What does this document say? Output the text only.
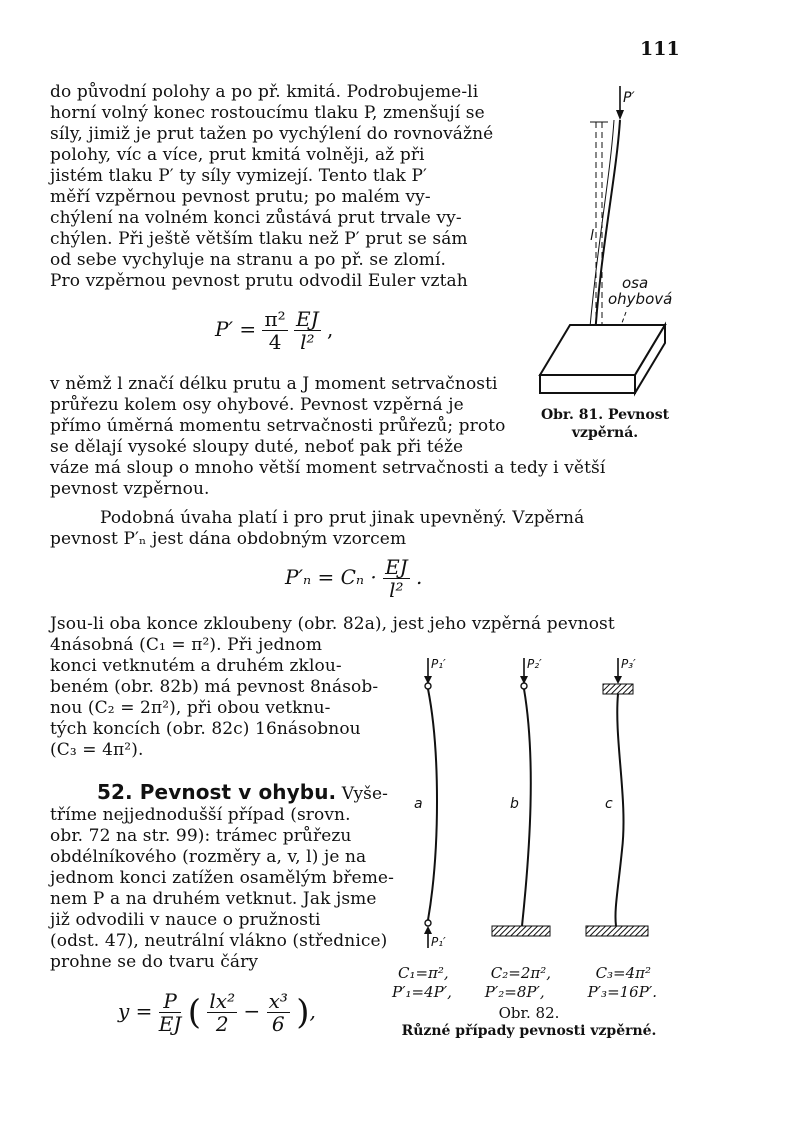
111
do původní polohy a po př. kmitá. Podrobujeme-li
horní volný konec rostoucímu tlaku P, zmenšují se
síly, jimiž je prut tažen po vychýlení do rovnovážné
polohy, víc a více, prut kmitá volněji, až při
jistém tlaku P′ ty síly vymizejí. Tento tlak P′
měří vzpěrnou pevnost prutu; po malém vy-
chýlení na volném konci zůstává prut trvale vy-
chýlen. Při ještě větším tlaku než P′ prut se sám
od sebe vychyluje na stranu a po př. se zlomí.
Pro vzpěrnou pevnost prutu odvodil Euler vztah
$P' = \frac{\text{π²}}{4}$
$\frac{EJ}{\text{l²}}$ ,
v němž l značí délku prutu a J moment setrvačnosti
průřezu kolem osy ohybové. Pevnost vzpěrná je
přímo úměrná momentu setrvačnosti průřezů; proto
se dělají vysoké sloupy duté, neboť pak při téže
váze má sloup o mnoho větší moment setrvačnosti a tedy i větší
pevnost vzpěrnou.
Podobná úvaha platí i pro prut jinak upevněný. Vzpěrná
pevnost P′ₙ jest dána obdobným vzorcem
$P'_n = C_n \cdot \frac{EJ}{\text{l²}}$ .
Jsou-li oba konce zkloubeny (obr. 82a), jest jeho vzpěrná pevnost
4násobná (C₁ = π²). Při jednom
konci vetknutém a druhém zklou-
beném (obr. 82b) má pevnost 8násob-
nou (C₂ = 2π²), při obou vetknu-
tých koncích (obr. 82c) 16násobnou
(C₃ = 4π²).
52. Pevnost v ohybu. Vyše-
tříme nejjednodušší případ (srovn.
obr. 72 na str. 99): trámec průřezu
obdélníkového (rozměry a, v, l) je na
jednom konci zatížen osamělým břeme-
nem P a na druhém vetknut. Jak jsme
již odvodili v nauce o pružnosti
(odst. 47), neutrální vlákno (střednice)
prohne se do tvaru čáry
$y = \frac{P}{EJ}$ ( $\frac{\text{lx²}}{2} - \frac{\text{x³}}{6}$ ),
P′
l
osa
ohybová
Obr. 81. Pevnost
vzpěrná.
P₁′
P₁′
a
P₂′
b
P₃′
c
C₁=π²,	C₂=2π²,	C₃=4π²
P′₁=4P′, P′₂=8P′,	P′₃=16P′.
Obr. 82.
Různé případy pevnosti vzpěrné.
